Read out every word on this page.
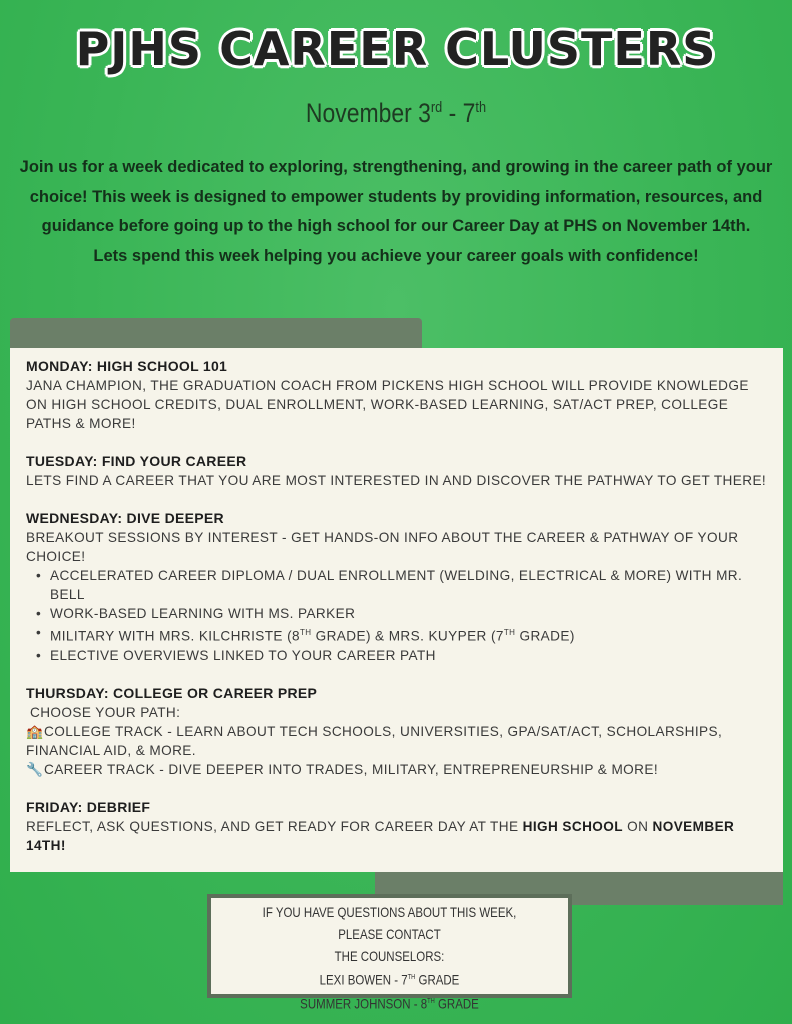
PJHS CAREER CLUSTERS
November 3rd - 7th
Join us for a week dedicated to exploring, strengthening, and growing in the career path of your choice! This week is designed to empower students by providing information, resources, and guidance before going up to the high school for our Career Day at PHS on November 14th.
Lets spend this week helping you achieve your career goals with confidence!
MONDAY: HIGH SCHOOL 101

JANA CHAMPION, THE GRADUATION COACH FROM PICKENS HIGH SCHOOL WILL PROVIDE KNOWLEDGE ON HIGH SCHOOL CREDITS, DUAL ENROLLMENT, WORK-BASED LEARNING, SAT/ACT PREP, COLLEGE PATHS & MORE!

TUESDAY: FIND YOUR CAREER

LETS FIND A CAREER THAT YOU ARE MOST INTERESTED IN AND DISCOVER THE PATHWAY TO GET THERE!

WEDNESDAY: DIVE DEEPER

BREAKOUT SESSIONS BY INTEREST - GET HANDS-ON INFO ABOUT THE CAREER & PATHWAY OF YOUR CHOICE!

• ACCELERATED CAREER DIPLOMA / DUAL ENROLLMENT (WELDING, ELECTRICAL & MORE) WITH MR. BELL
• WORK-BASED LEARNING WITH MS. PARKER
• MILITARY WITH MRS. KILCHRISTE (8TH GRADE) & MRS. KUYPER (7TH GRADE)
• ELECTIVE OVERVIEWS LINKED TO YOUR CAREER PATH
THURSDAY: COLLEGE OR CAREER PREP

CHOOSE YOUR PATH:

🏫COLLEGE TRACK - LEARN ABOUT TECH SCHOOLS, UNIVERSITIES, GPA/SAT/ACT, SCHOLARSHIPS, FINANCIAL AID, & MORE.

🔧CAREER TRACK - DIVE DEEPER INTO TRADES, MILITARY, ENTREPRENEURSHIP & MORE!

FRIDAY: DEBRIEF

REFLECT, ASK QUESTIONS, AND GET READY FOR CAREER DAY AT THE HIGH SCHOOL ON NOVEMBER 14TH!

IF YOU HAVE QUESTIONS ABOUT THIS WEEK, PLEASE CONTACT
THE COUNSELORS:
LEXI BOWEN - 7TH GRADE
SUMMER JOHNSON - 8TH GRADE
